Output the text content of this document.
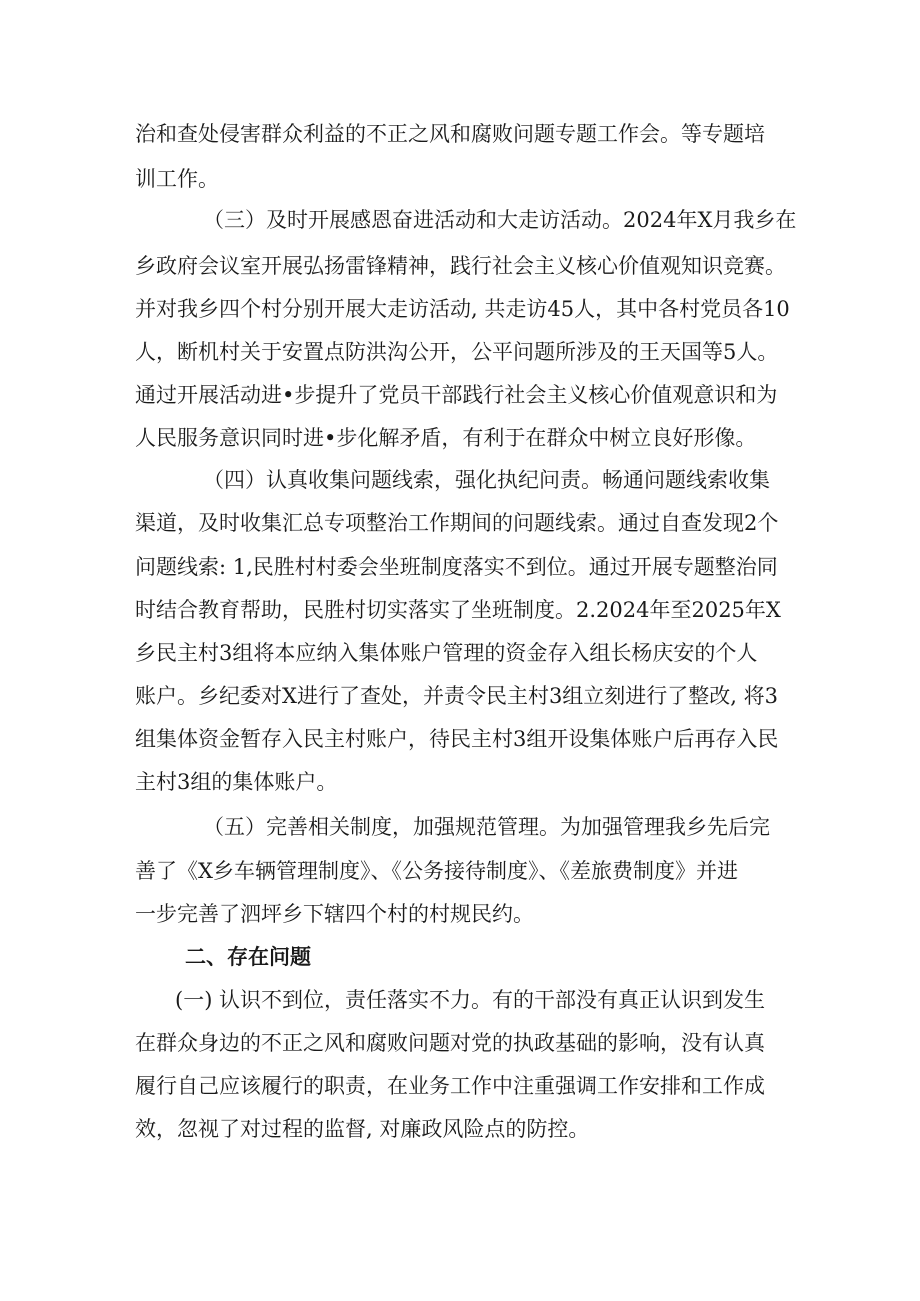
治和查处侵害群众利益的不正之风和腐败问题专题工作会。等专题培
训工作。
（三）及时开展感恩奋进活动和大走访活动。2024年X月我乡在
乡政府会议室开展弘扬雷锋精神，践行社会主义核心价值观知识竞赛。
并对我乡四个村分别开展大走访活动, 共走访45人，其中各村党员各10
人，断机村关于安置点防洪沟公开，公平问题所涉及的王天国等5人。
通过开展活动进•步提升了党员干部践行社会主义核心价值观意识和为
人民服务意识同时进•步化解矛盾，有利于在群众中树立良好形像。
（四）认真收集问题线索，强化执纪问责。畅通问题线索收集
渠道，及时收集汇总专项整治工作期间的问题线索。通过自查发现2个
问题线索: 1,民胜村村委会坐班制度落实不到位。通过开展专题整治同
时结合教育帮助，民胜村切实落实了坐班制度。2.2024年至2025年X
乡民主村3组将本应纳入集体账户管理的资金存入组长杨庆安的个人
账户。乡纪委对X进行了查处，并责令民主村3组立刻进行了整改, 将3
组集体资金暂存入民主村账户，待民主村3组开设集体账户后再存入民
主村3组的集体账户。
（五）完善相关制度，加强规范管理。为加强管理我乡先后完
善了《X乡车辆管理制度》、《公务接待制度》、《差旅费制度》并进
一步完善了泗坪乡下辖四个村的村规民约。
二、存在问题
(一) 认识不到位，责任落实不力。有的干部没有真正认识到发生
在群众身边的不正之风和腐败问题对党的执政基础的影响，没有认真
履行自己应该履行的职责，在业务工作中注重强调工作安排和工作成
效，忽视了对过程的监督, 对廉政风险点的防控。
